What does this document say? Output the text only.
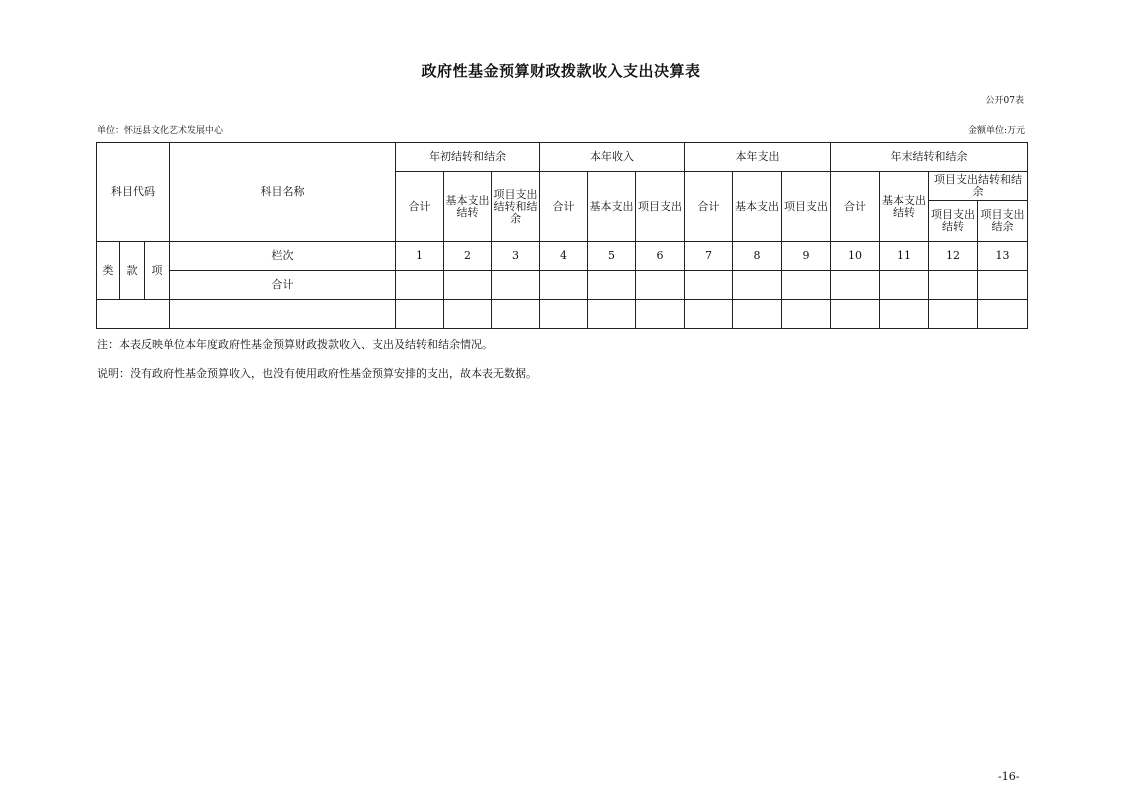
政府性基金预算财政拨款收入支出决算表
公开07表
单位：怀远县文化艺术发展中心	金额单位:万元
科目代码			科目名称	年初结转和结余			本年收入			本年支出			年末结转和结余			
				合计	基本支出结转	项目支出结转和结余	合计	基本支出	项目支出	合计	基本支出	项目支出	合计	基本支出结转	项目支出结转和结余	
															项目支出结转	项目支出结余
类	款	项	栏次	1	2	3	4	5	6	7	8	9	10	11	12	13
			合计													

注：本表反映单位本年度政府性基金预算财政拨款收入、支出及结转和结余情况。
说明：没有政府性基金预算收入，也没有使用政府性基金预算安排的支出，故本表无数据。
-16-
